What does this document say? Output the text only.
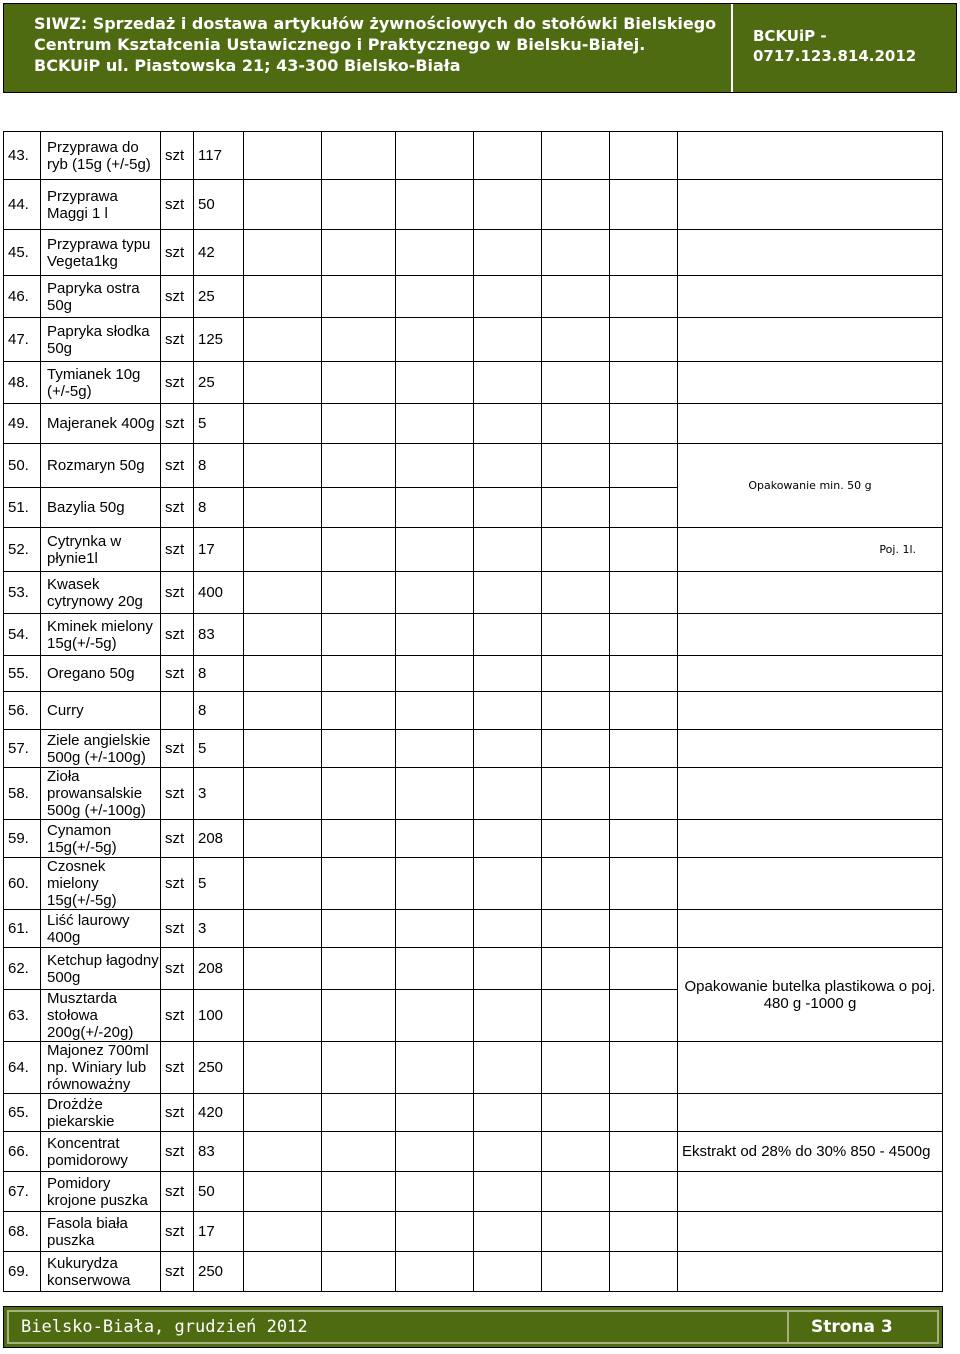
SIWZ: Sprzedaż i dostawa artykułów żywnościowych do stołówki Bielskiego
Centrum Kształcenia Ustawicznego i Praktycznego w Bielsku-Białej.
BCKUiP ul. Piastowska 21; 43-300 Bielsko-Biała
BCKUiP -
0717.123.814.2012
43.	Przyprawa do ryb (15g (+/-5g)	szt	117							
44.	Przyprawa Maggi 1 l	szt	50							
45.	Przyprawa typu Vegeta1kg	szt	42							
46.	Papryka ostra 50g	szt	25							
47.	Papryka słodka 50g	szt	125							
48.	Tymianek 10g (+/-5g)	szt	25							
49.	Majeranek 400g	szt	5							
50.	Rozmaryn 50g	szt	8							Opakowanie min. 50 g
51.	Bazylia 50g	szt	8							
52.	Cytrynka w płynie1l	szt	17							Poj. 1l.
53.	Kwasek cytrynowy 20g	szt	400							
54.	Kminek mielony 15g(+/-5g)	szt	83							
55.	Oregano 50g	szt	8							
56.	Curry		8							
57.	Ziele angielskie 500g (+/-100g)	szt	5							
58.	Zioła prowansalskie 500g (+/-100g)	szt	3							
59.	Cynamon 15g(+/-5g)	szt	208							
60.	Czosnek mielony 15g(+/-5g)	szt	5							
61.	Liść laurowy 400g	szt	3							
62.	Ketchup łagodny 500g	szt	208							Opakowanie butelka plastikowa o poj. 480 g -1000 g
63.	Musztarda stołowa 200g(+/-20g)	szt	100							
64.	Majonez 700ml np. Winiary lub równoważny	szt	250							
65.	Drożdże piekarskie	szt	420							
66.	Koncentrat pomidorowy	szt	83							Ekstrakt od 28% do 30% 850 - 4500g
67.	Pomidory krojone puszka	szt	50							
68.	Fasola biała puszka	szt	17							
69.	Kukurydza konserwowa	szt	250							
Bielsko-Biała, grudzień 2012	Strona 3
